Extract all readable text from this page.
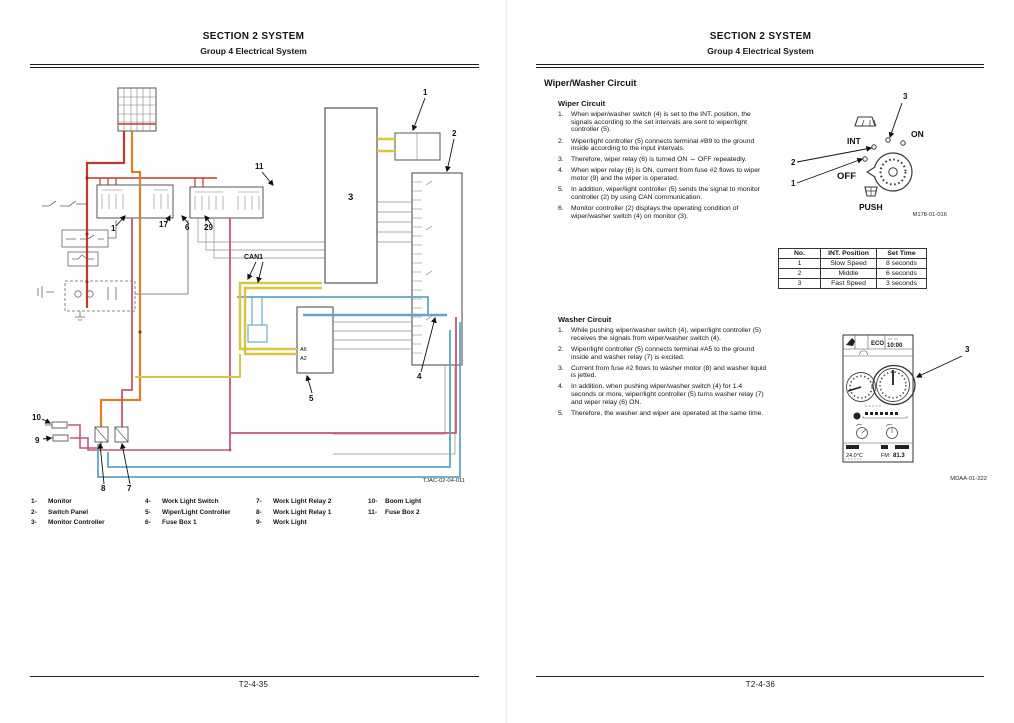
SECTION 2 SYSTEM
Group 4 Electrical System
1	17 6 29
11
3
1
2
4
5
10
9
8	7
CAN1
A6
A2
TJAC-02-04-011
1-	Monitor
2-	Switch Panel
3-	Monitor Controller
4-	Work Light Switch
5-	Wiper/Light Controller
6-	Fuse Box 1
7-	Work Light Relay 2
8-	Work Light Relay 1
9-	Work Light
10-	Boom Light
11-	Fuse Box 2
T2-4-35
SECTION 2 SYSTEM
Group 4 Electrical System
Wiper/Washer Circuit
Wiper Circuit
When wiper/washer switch (4) is set to the INT. position, the signals according to the set intervals are sent to wiper/light controller (5).
Wiper/light controller (5) connects terminal #B9 to the ground inside according to the input intervals.
Therefore, wiper relay (6) is turned ON ⇔ OFF repeatedly.
When wiper relay (6) is ON, current from fuse #2 flows to wiper motor (9) and the wiper is operated.
In addition, wiper/light controller (5) sends the signal to monitor controller (2) by using CAN communication.
Monitor controller (2) displays the operating condition of wiper/washer switch (4) on monitor (3).
Washer Circuit
While pushing wiper/washer switch (4), wiper/light controller (5) receives the signals from wiper/washer switch (4).
Wiper/light controller (5) connects terminal #A5 to the ground inside and washer relay (7) is excited.
Current from fuse #2 flows to washer motor (8) and washer liquid is jetted.
In addition, when pushing wiper/washer switch (4) for 1.4 seconds or more, wiper/light controller (5) turns washer relay (7) and wiper relay (6) ON.
Therefore, the washer and wiper are operated at the same time.
INT
ON
OFF
PUSH
3
2
1
M178-01-016
No.	INT. Position	Set Time
1	Slow Speed	8 seconds
2	Middle	6 seconds
3	Fast Speed	3 seconds
ECO 10:00
24.0°C	FM 81.3
3
MDAA-01-222
T2-4-36
